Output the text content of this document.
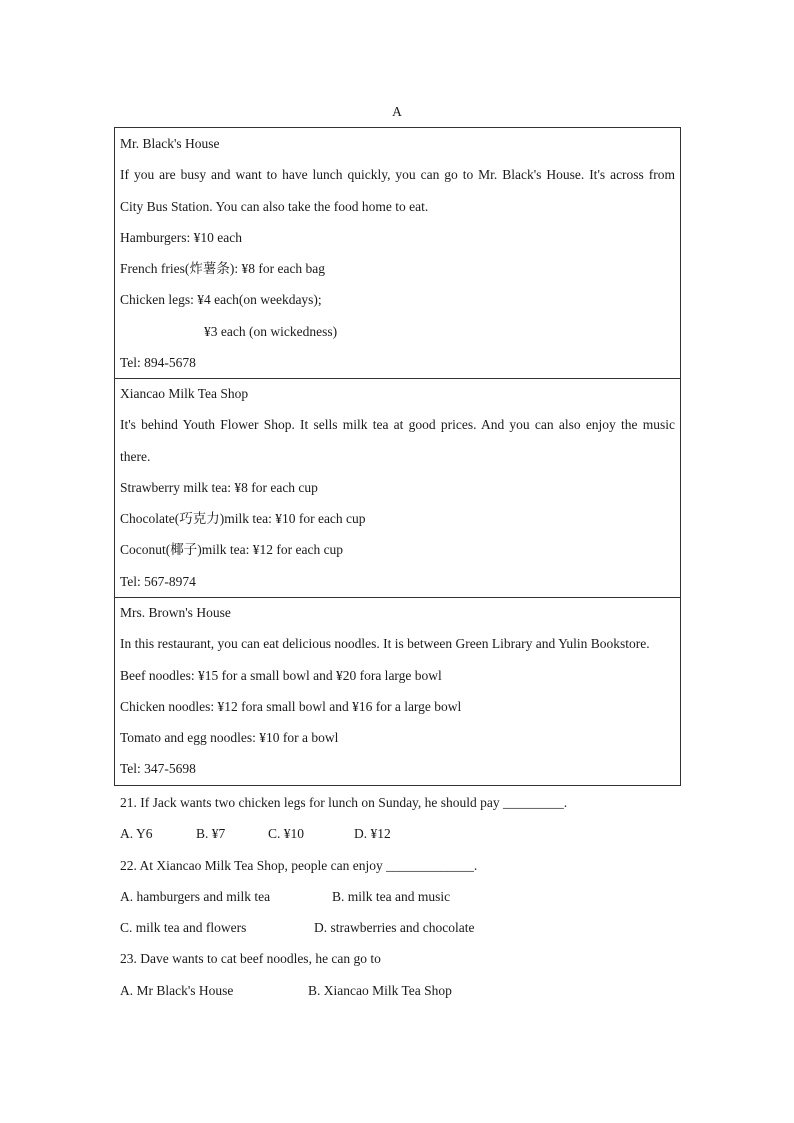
A
Mr. Black's House
If you are busy and want to have lunch quickly, you can go to Mr. Black's House. It's across from
City Bus Station. You can also take the food home to eat.
Hamburgers: ¥10 each
French fries(炸薯条): ¥8 for each bag
Chicken legs: ¥4 each(on weekdays);
¥3 each (on wickedness)
Tel: 894-5678
Xiancao Milk Tea Shop
It's behind Youth Flower Shop. It sells milk tea at good prices. And you can also enjoy the music
there.
Strawberry milk tea: ¥8 for each cup
Chocolate(巧克力)milk tea: ¥10 for each cup
Coconut(椰子)milk tea: ¥12 for each cup
Tel: 567-8974
Mrs. Brown's House
In this restaurant, you can eat delicious noodles. It is between Green Library and Yulin Bookstore.
Beef noodles: ¥15 for a small bowl and ¥20 fora large bowl
Chicken noodles: ¥12 fora small bowl and ¥16 for a large bowl
Tomato and egg noodles: ¥10 for a bowl
Tel: 347-5698
21. If Jack wants two chicken legs for lunch on Sunday, he should pay _________.
A. Y6	B. ¥7	C. ¥10	D. ¥12
22. At Xiancao Milk Tea Shop, people can enjoy _____________.
A. hamburgers and milk tea	B. milk tea and music
C. milk tea and flowers	D. strawberries and chocolate
23. Dave wants to cat beef noodles, he can go to
A. Mr Black's House	B. Xiancao Milk Tea Shop
